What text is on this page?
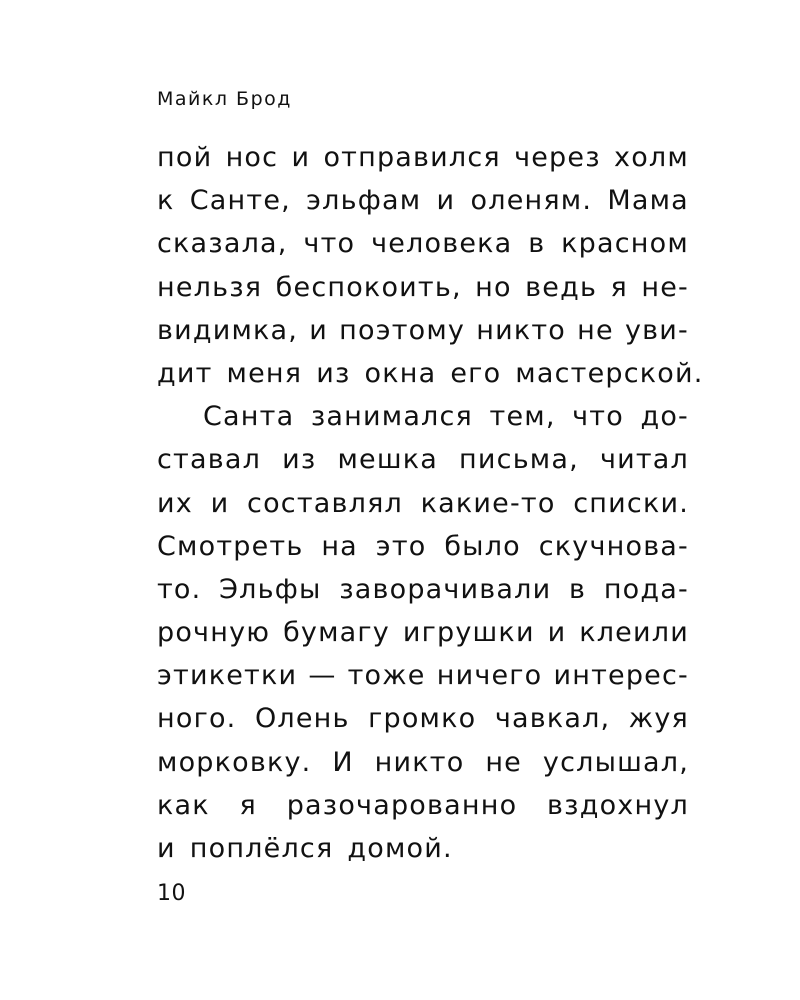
Майкл Брод
пой нос и отправился через холм
к Санте, эльфам и оленям. Мама
сказала, что человека в красном
нельзя беспокоить, но ведь я не-
видимка, и поэтому никто не уви-
дит меня из окна его мастерской.
Санта занимался тем, что до-
ставал из мешка письма, читал
их и составлял какие-то списки.
Смотреть на это было скучнова-
то. Эльфы заворачивали в пода-
рочную бумагу игрушки и клеили
этикетки — тоже ничего интерес-
ного. Олень громко чавкал, жуя
морковку. И никто не услышал,
как я разочарованно вздохнул
и поплёлся домой.
10
